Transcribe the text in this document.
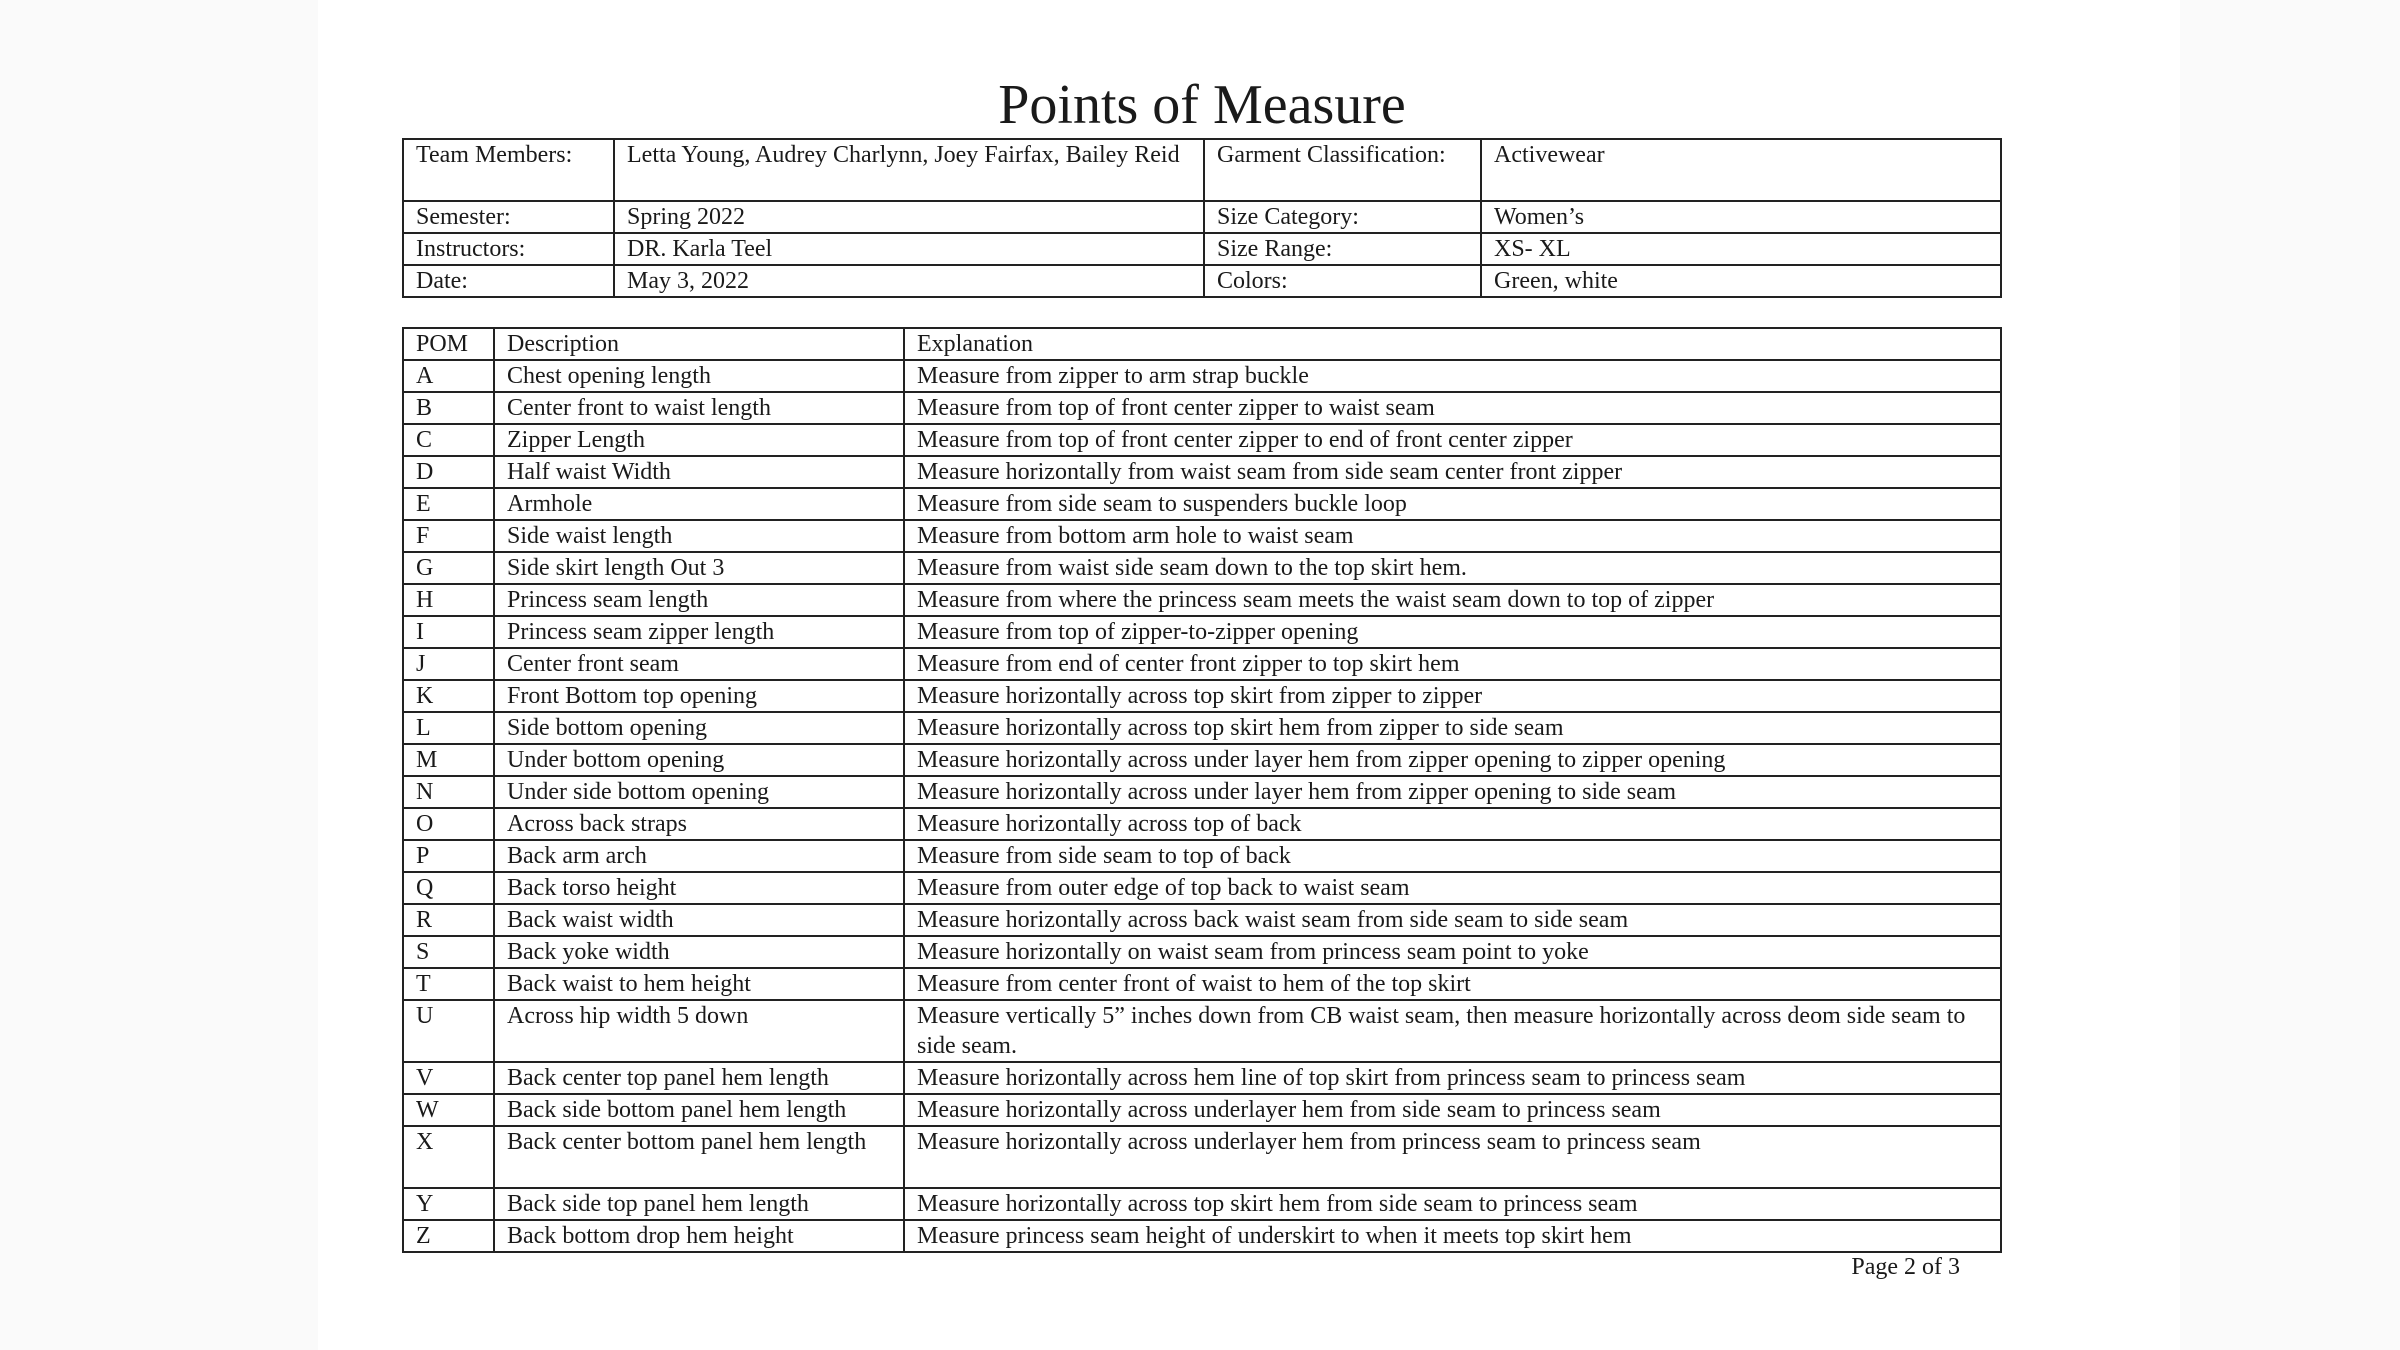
Points of Measure
Team Members:	Letta Young, Audrey Charlynn, Joey Fairfax, Bailey Reid	Garment Classification:	Activewear
Semester:	Spring 2022	Size Category:	Women’s
Instructors:	DR. Karla Teel	Size Range:	XS- XL
Date:	May 3, 2022	Colors:	Green, white
POM	Description	Explanation
A	Chest opening length	Measure from zipper to arm strap buckle
B	Center front to waist length	Measure from top of front center zipper to waist seam
C	Zipper Length	Measure from top of front center zipper to end of front center zipper
D	Half waist Width	Measure horizontally from waist seam from side seam center front zipper
E	Armhole	Measure from side seam to suspenders buckle loop
F	Side waist length	Measure from bottom arm hole to waist seam
G	Side skirt length Out 3	Measure from waist side seam down to the top skirt hem.
H	Princess seam length	Measure from where the princess seam meets the waist seam down to top of zipper
I	Princess seam zipper length	Measure from top of zipper-to-zipper opening
J	Center front seam	Measure from end of center front zipper to top skirt hem
K	Front Bottom top opening	Measure horizontally across top skirt from zipper to zipper
L	Side bottom opening	Measure horizontally across top skirt hem from zipper to side seam
M	Under bottom opening	Measure horizontally across under layer hem from zipper opening to zipper opening
N	Under side bottom opening	Measure horizontally across under layer hem from zipper opening to side seam
O	Across back straps	Measure horizontally across top of back
P	Back arm arch	Measure from side seam to top of back
Q	Back torso height	Measure from outer edge of top back to waist seam
R	Back waist width	Measure horizontally across back waist seam from side seam to side seam
S	Back yoke width	Measure horizontally on waist seam from princess seam point to yoke
T	Back waist to hem height	Measure from center front of waist to hem of the top skirt
U	Across hip width 5 down	Measure vertically 5” inches down from CB waist seam, then measure horizontally across deom side seam to side seam.
V	Back center top panel hem length	Measure horizontally across hem line of top skirt from princess seam to princess seam
W	Back side bottom panel hem length	Measure horizontally across underlayer hem from side seam to princess seam
X	Back center bottom panel hem length	Measure horizontally across underlayer hem from princess seam to princess seam
Y	Back side top panel hem length	Measure horizontally across top skirt hem from side seam to princess seam
Z	Back bottom drop hem height	Measure princess seam height of underskirt to when it meets top skirt hem
Page 2 of 3
